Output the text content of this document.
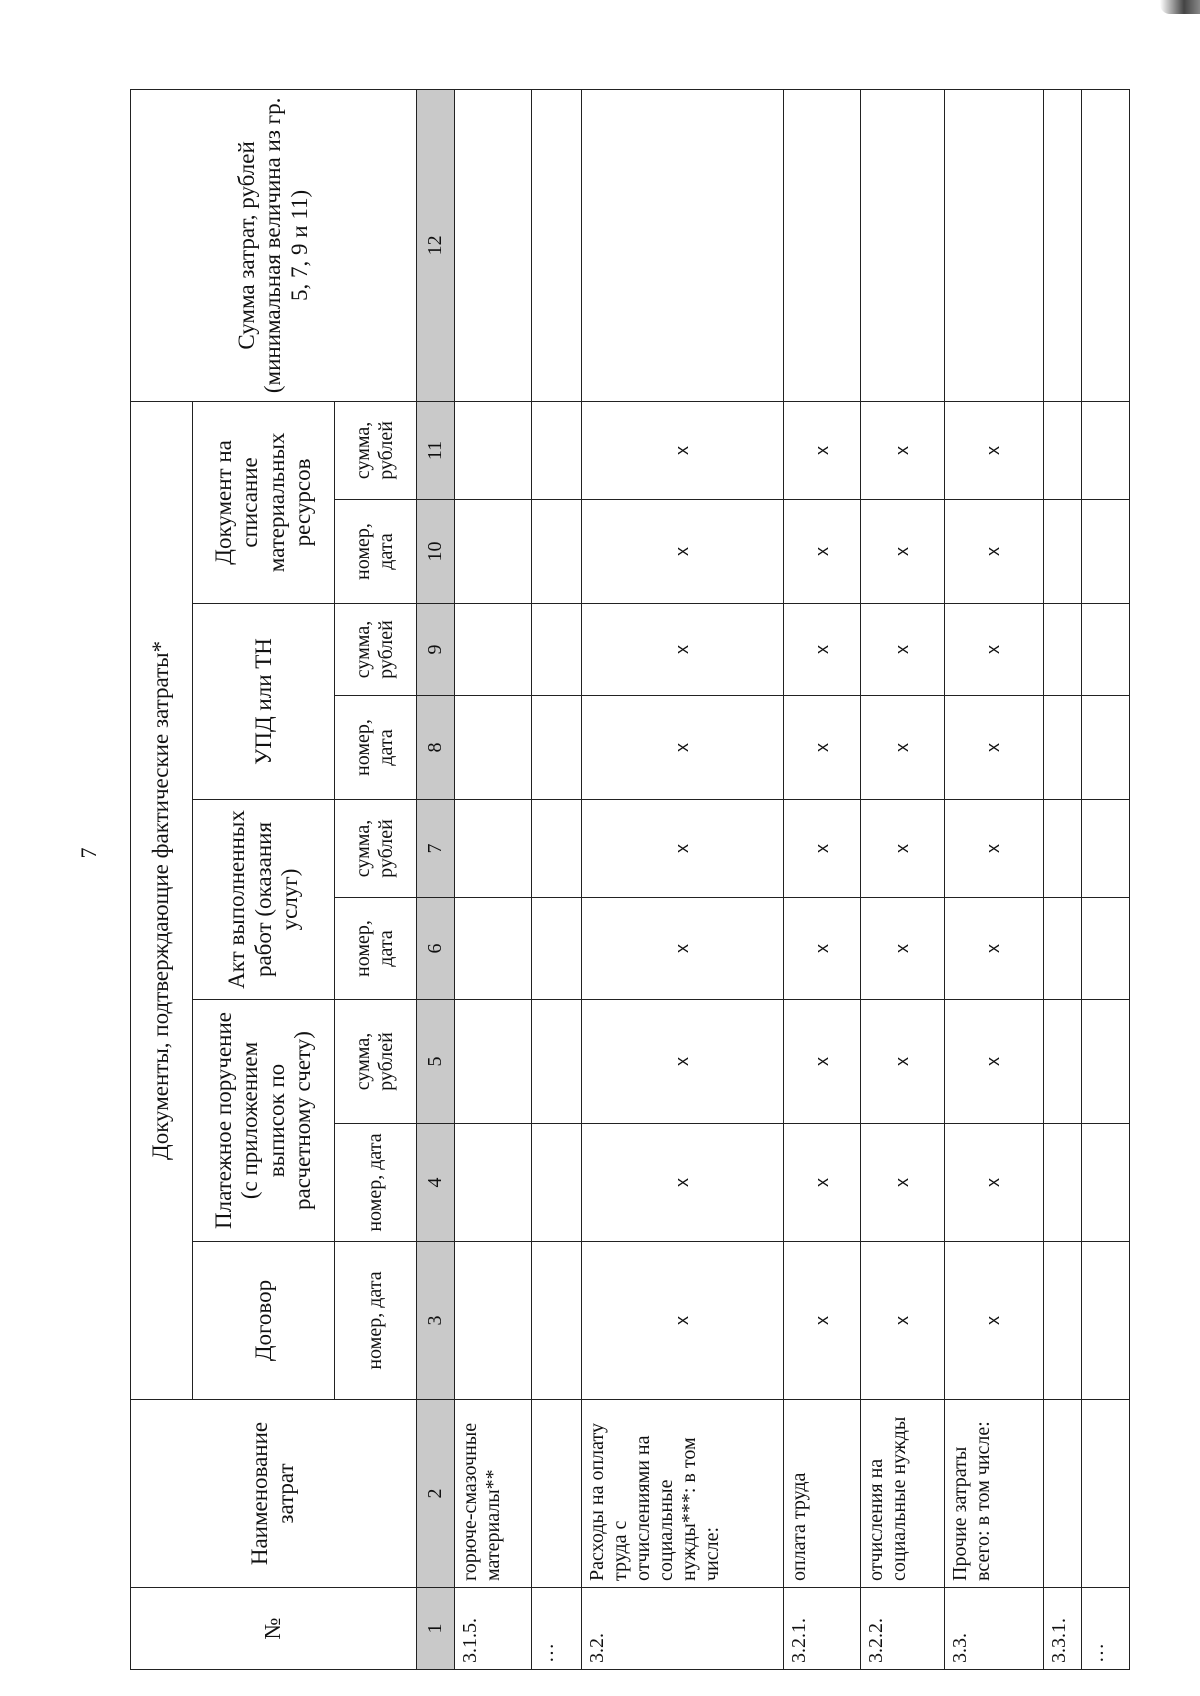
7
№	Наименование затрат	Документы, подтверждающие фактические затраты*									Сумма затрат, рублей (минимальная величина из гр. 5, 7, 9 и 11)
		Договор	Платежное поручение (с приложением выписок по расчетному счету)		Акт выполненных работ (оказания услуг)		УПД или ТН		Документ на списание материальных ресурсов		
		номер, дата	номер, дата	сумма, рублей	номер, дата	сумма, рублей	номер, дата	сумма, рублей	номер, дата	сумма, рублей	
1	2	3	4	5	6	7	8	9	10	11	12
3.1.5.	горюче-смазочные материалы**										
…											
3.2.	Расходы на оплату труда с отчислениями на социальные нужды***: в том числе:	x	x	x	x	x	x	x	x	x	
3.2.1.	оплата труда	x	x	x	x	x	x	x	x	x	
3.2.2.	отчисления на социальные нужды	x	x	x	x	x	x	x	x	x	
3.3.	Прочие затраты всего: в том числе:	x	x	x	x	x	x	x	x	x	
3.3.1.											
…											
